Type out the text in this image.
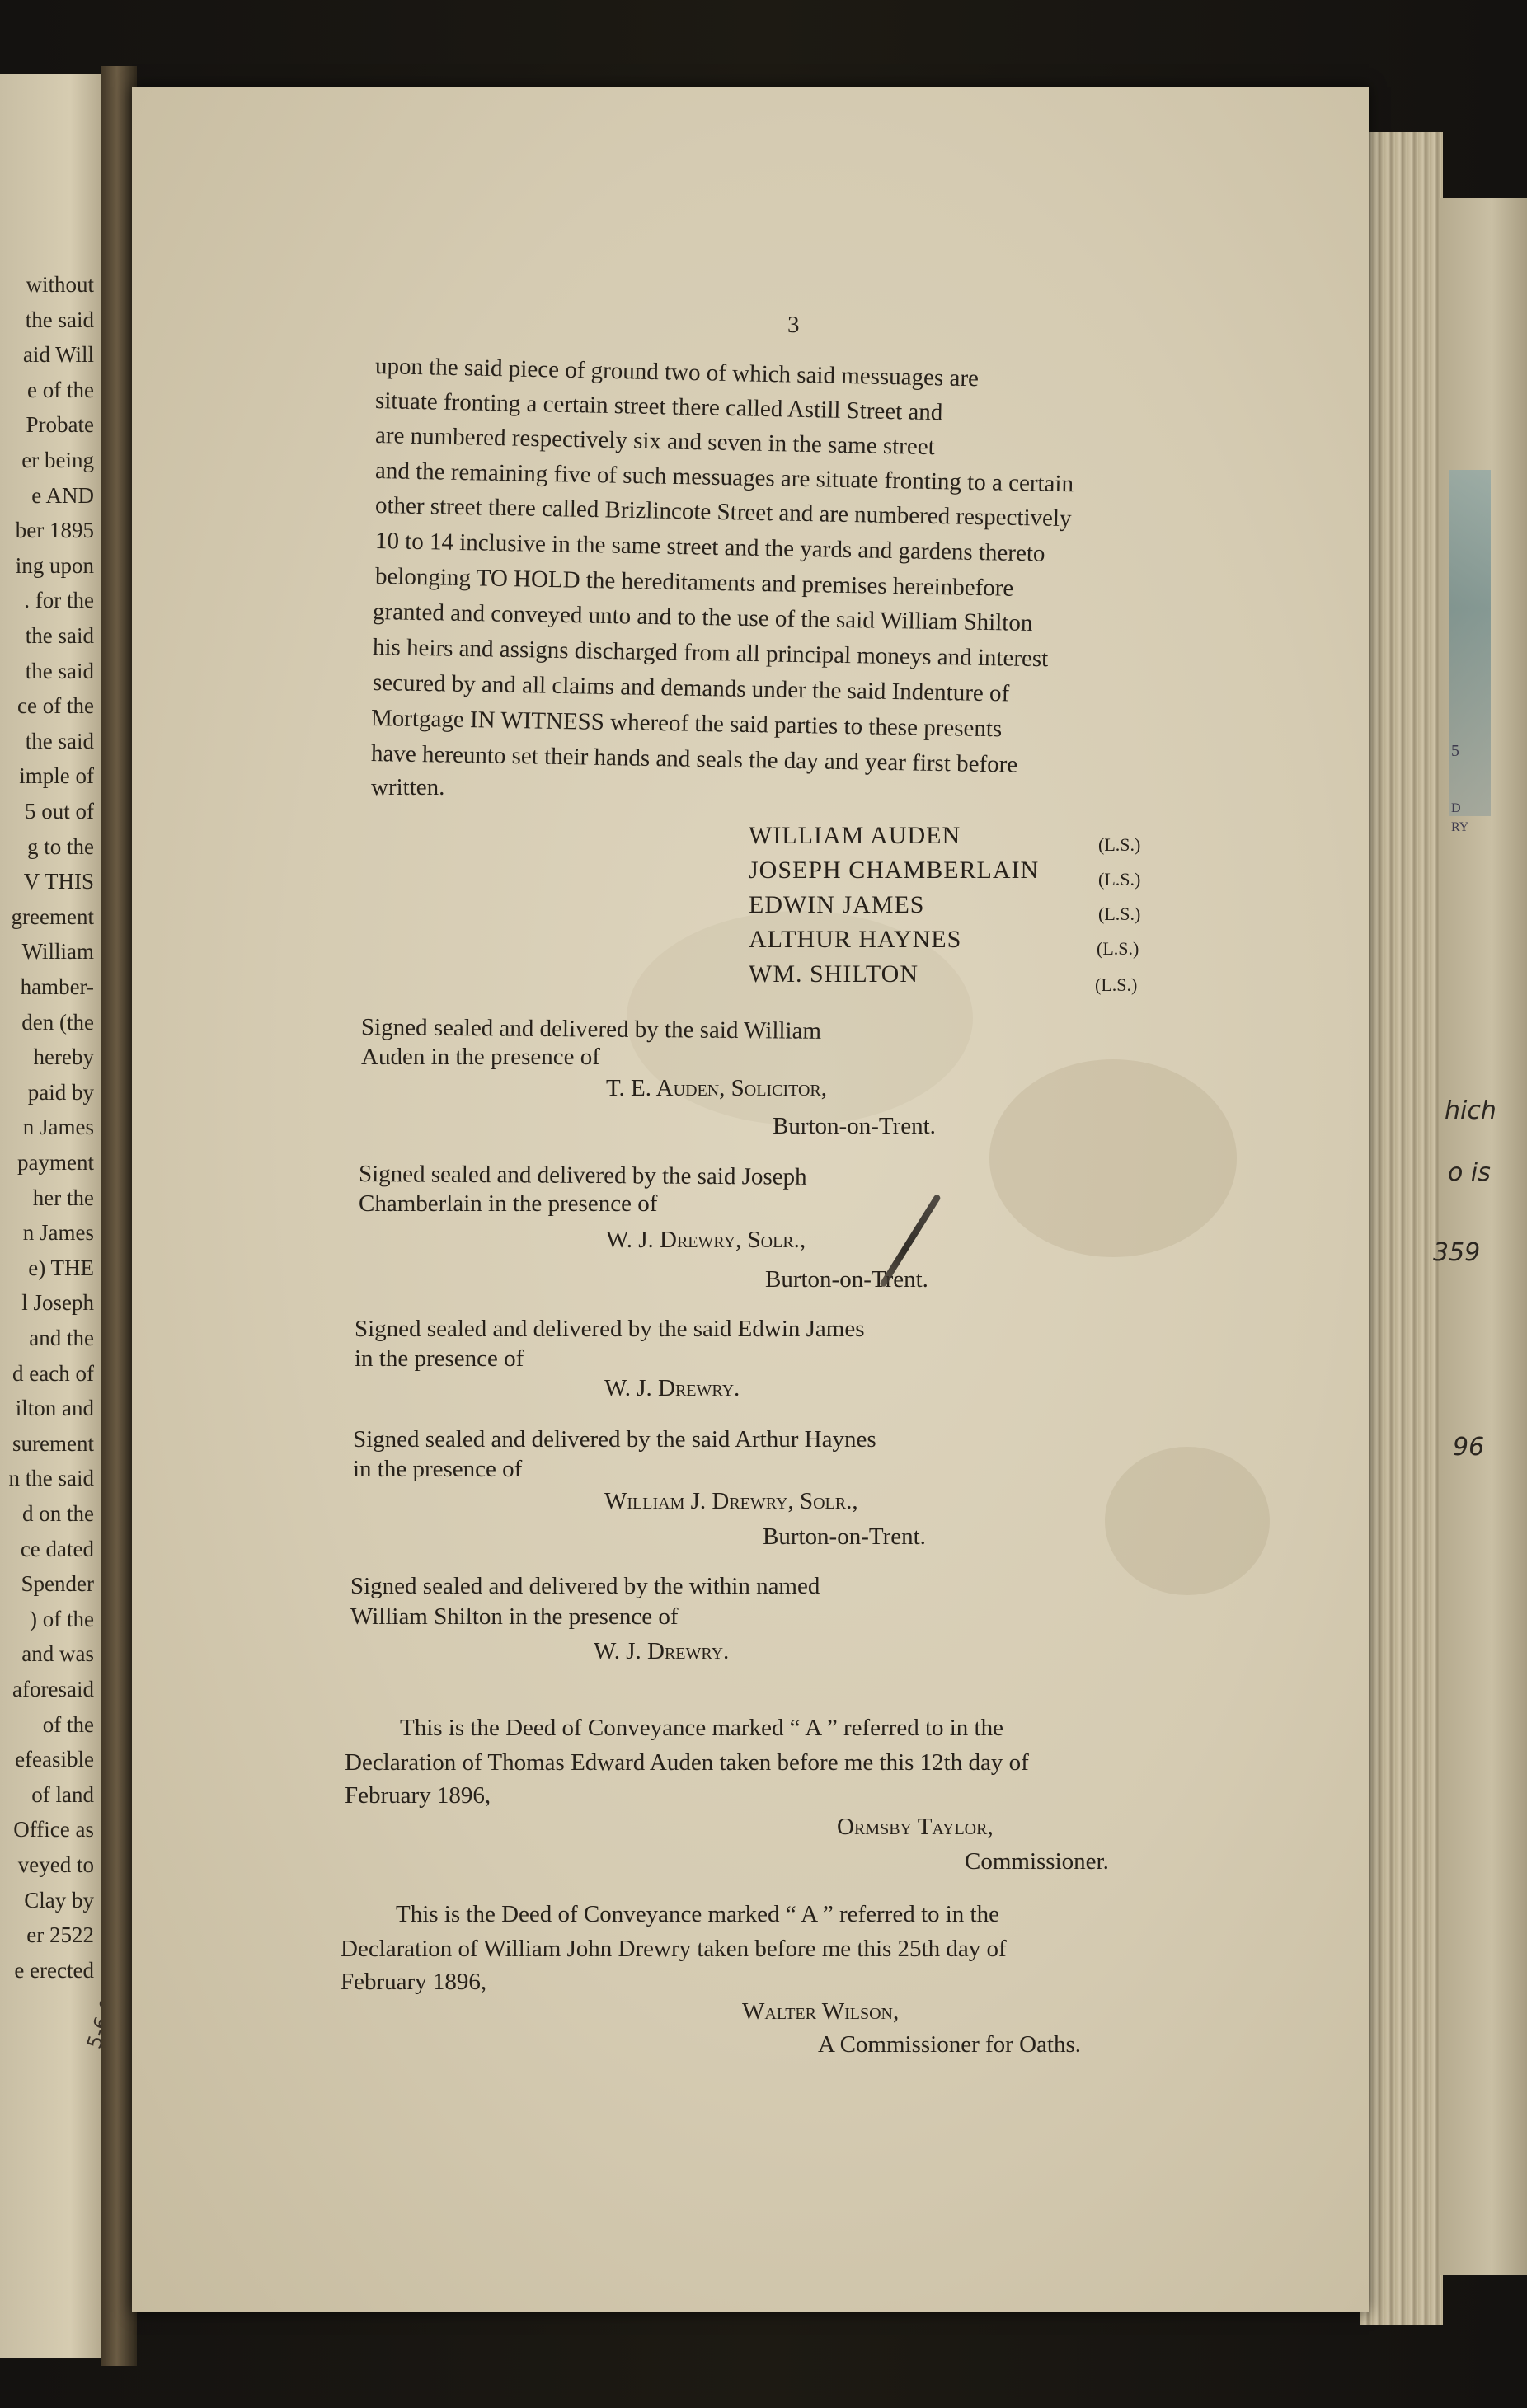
without
the said
aid Will
e of the
Probate
er being
e AND
ber 1895
ing upon
. for the
the said
the said
ce of the
the said
imple of
5 out of
g to the
V THIS
greement
William
hamber-
den (the
hereby
paid by
n James
payment
her the
n James
e) THE
l Joseph
and the
d each of
ilton and
surement
n the said
d on the
ce dated
Spender
) of the
and was
aforesaid
of the
efeasible
of land
Office as
veyed to
Clay by
er 2522
e erected
5
D
RY
hich
o is
359
96
3
upon the said piece of ground two of which said messuages are
situate fronting a certain street there called Astill Street and
are numbered respectively six and seven in the same street
and the remaining five of such messuages are situate fronting to a certain
other street there called Brizlincote Street and are numbered respectively
10 to 14 inclusive in the same street and the yards and gardens thereto
belonging TO HOLD the hereditaments and premises hereinbefore
granted and conveyed unto and to the use of the said William Shilton
his heirs and assigns discharged from all principal moneys and interest
secured by and all claims and demands under the said Indenture of
Mortgage IN WITNESS whereof the said parties to these presents
have hereunto set their hands and seals the day and year first before
written.
WILLIAM AUDEN	(L.S.)
JOSEPH CHAMBERLAIN	(L.S.)
EDWIN JAMES	(L.S.)
ALTHUR HAYNES	(L.S.)
WM. SHILTON	(L.S.)
Signed sealed and delivered by the said William
Auden in the presence of
T. E. Auden, Solicitor,
Burton-on-Trent.
Signed sealed and delivered by the said Joseph
Chamberlain in the presence of
W. J. Drewry, Solr.,
Burton-on-Trent.
Signed sealed and delivered by the said Edwin James
in the presence of
W. J. Drewry.
Signed sealed and delivered by the said Arthur Haynes
in the presence of
William J. Drewry, Solr.,
Burton-on-Trent.
Signed sealed and delivered by the within named
William Shilton in the presence of
W. J. Drewry.
This is the Deed of Conveyance marked “ A ” referred to in the
Declaration of Thomas Edward Auden taken before me this 12th day of
February 1896,
Ormsby Taylor,
Commissioner.
This is the Deed of Conveyance marked “ A ” referred to in the
Declaration of William John Drewry taken before me this 25th day of
February 1896,
Walter Wilson,
A Commissioner for Oaths.
